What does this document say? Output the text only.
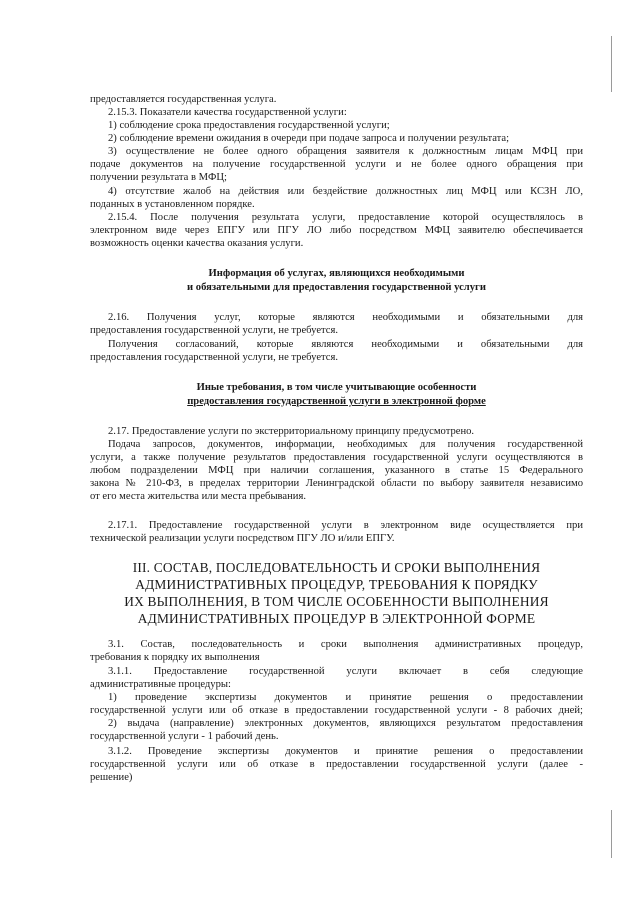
предоставляется государственная услуга.

2.15.3. Показатели качества государственной услуги:

1) соблюдение срока предоставления государственной услуги;

2) соблюдение времени ожидания в очереди при подаче запроса и получении результата;

3) осуществление не более одного обращения заявителя к должностным лицам МФЦ при

подаче документов на получение государственной услуги и не более одного обращения при

получении результата в МФЦ;

4) отсутствие жалоб на действия или бездействие должностных лиц МФЦ или КСЗН ЛО,

поданных в установленном порядке.

2.15.4. После получения результата услуги, предоставление которой осуществлялось в

электронном виде через ЕПГУ или ПГУ ЛО либо посредством МФЦ заявителю обеспечивается

возможность оценки качества оказания услуги.

Информация об услугах, являющихся необходимыми

и обязательными для предоставления государственной услуги

2.16. Получения услуг, которые являются необходимыми и обязательными для

предоставления государственной услуги, не требуется.

Получения согласований, которые являются необходимыми и обязательными для

предоставления государственной услуги, не требуется.

Иные требования, в том числе учитывающие особенности

предоставления государственной услуги в электронной форме

2.17. Предоставление услуги по экстерриториальному принципу предусмотрено.

Подача запросов, документов, информации, необходимых для получения государственной

услуги, а также получение результатов предоставления государственной услуги осуществляются в

любом подразделении МФЦ при наличии соглашения, указанного в статье 15 Федерального

закона № 210-ФЗ, в пределах территории Ленинградской области по выбору заявителя независимо

от его места жительства или места пребывания.

2.17.1. Предоставление государственной услуги в электронном виде осуществляется при

технической реализации услуги посредством ПГУ ЛО и/или ЕПГУ.

III. СОСТАВ, ПОСЛЕДОВАТЕЛЬНОСТЬ И СРОКИ ВЫПОЛНЕНИЯ

АДМИНИСТРАТИВНЫХ ПРОЦЕДУР, ТРЕБОВАНИЯ К ПОРЯДКУ

ИХ ВЫПОЛНЕНИЯ, В ТОМ ЧИСЛЕ ОСОБЕННОСТИ ВЫПОЛНЕНИЯ

АДМИНИСТРАТИВНЫХ ПРОЦЕДУР В ЭЛЕКТРОННОЙ ФОРМЕ

3.1. Состав, последовательность и сроки выполнения административных процедур,

требования к порядку их выполнения

3.1.1. Предоставление государственной услуги включает в себя следующие

административные процедуры:

1) проведение экспертизы документов и принятие решения о предоставлении

государственной услуги или об отказе в предоставлении государственной услуги - 8 рабочих дней;

2) выдача (направление) электронных документов, являющихся результатом предоставления

государственной услуги - 1 рабочий день.

3.1.2. Проведение экспертизы документов и принятие решения о предоставлении

государственной услуги или об отказе в предоставлении государственной услуги (далее -

решение)
